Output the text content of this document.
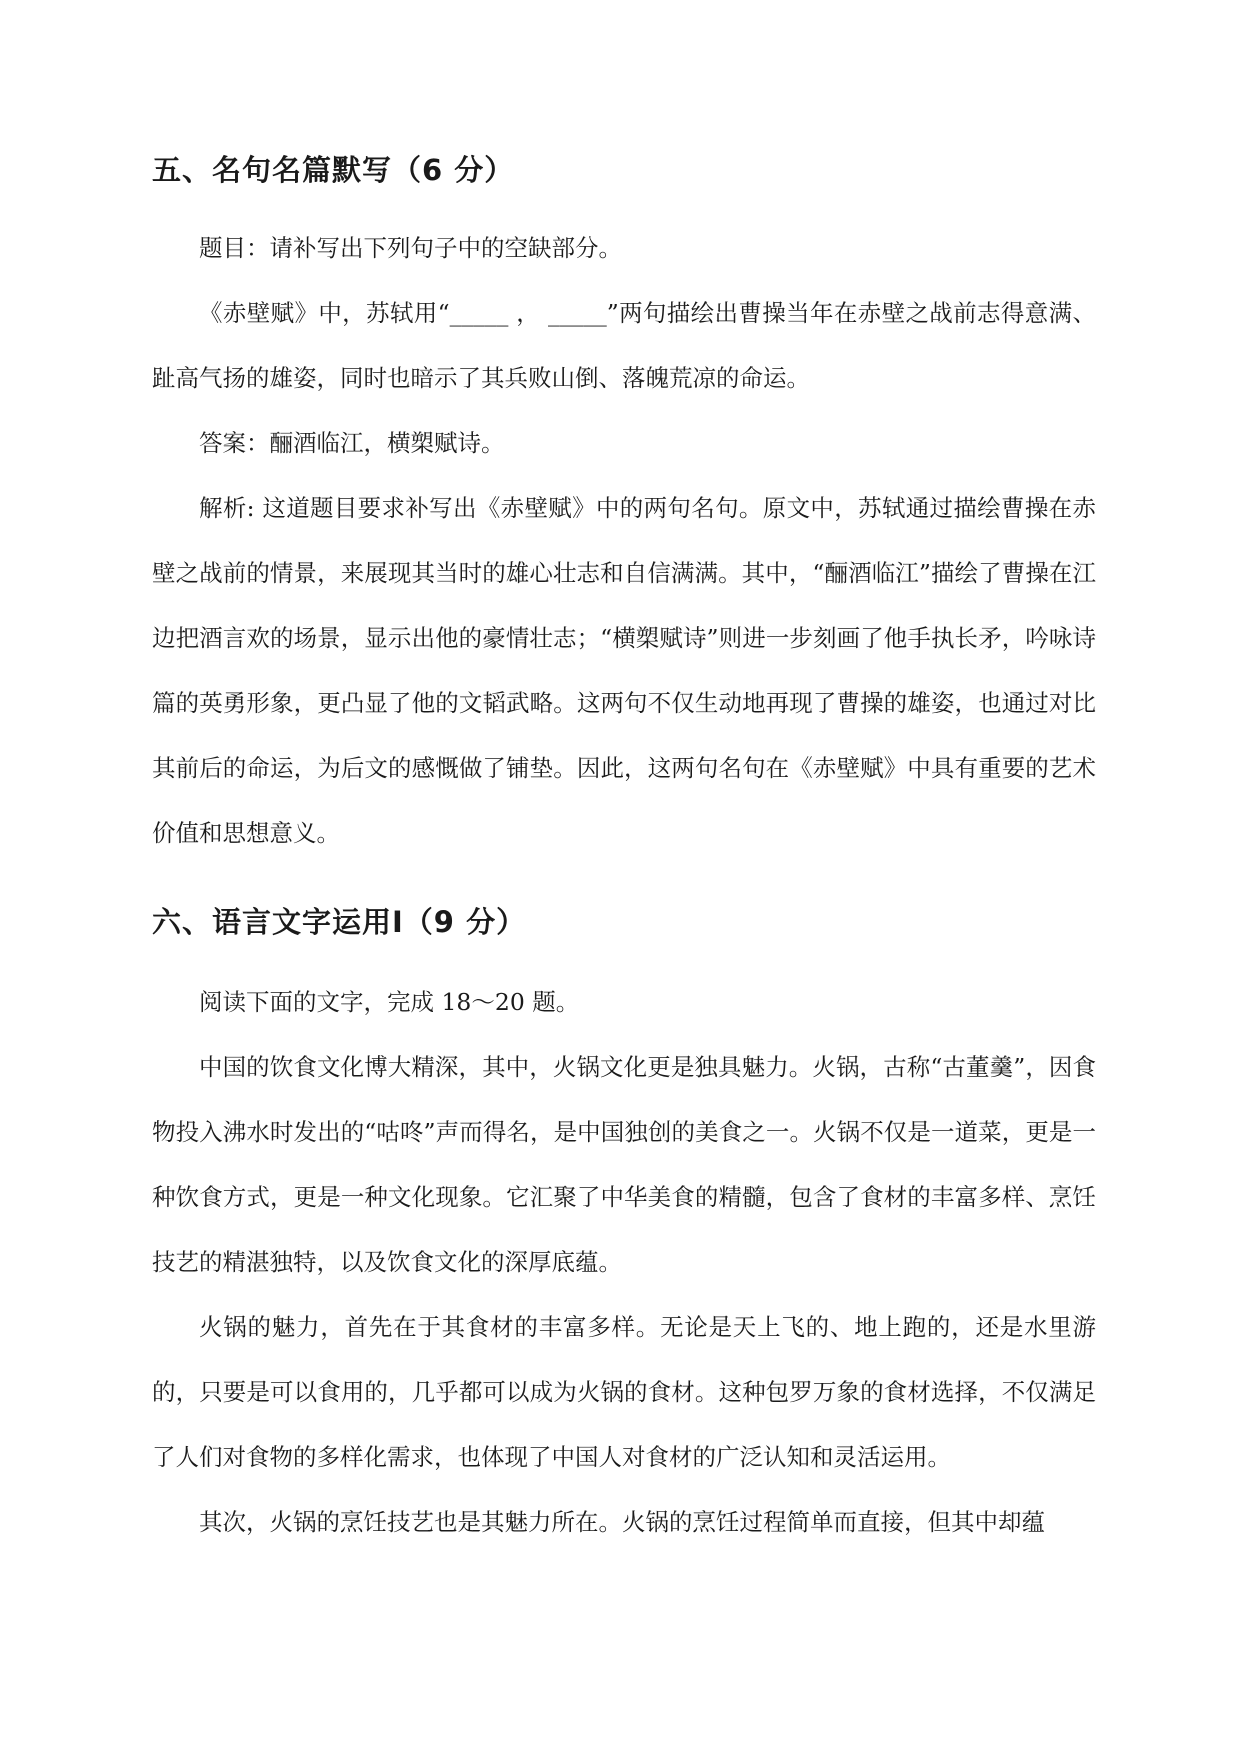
五、名句名篇默写（6 分）

题目：请补写出下列句子中的空缺部分。

《赤壁赋》中，苏轼用“_____ ， _____”两句描绘出曹操当年在赤壁之战前志得意满、趾高气扬的雄姿，同时也暗示了其兵败山倒、落魄荒凉的命运。

答案：酾酒临江，横槊赋诗。

解析: 这道题目要求补写出《赤壁赋》中的两句名句。原文中，苏轼通过描绘曹操在赤壁之战前的情景，来展现其当时的雄心壮志和自信满满。其中，“酾酒临江”描绘了曹操在江边把酒言欢的场景，显示出他的豪情壮志；“横槊赋诗”则进一步刻画了他手执长矛，吟咏诗篇的英勇形象，更凸显了他的文韬武略。这两句不仅生动地再现了曹操的雄姿，也通过对比其前后的命运，为后文的感慨做了铺垫。因此，这两句名句在《赤壁赋》中具有重要的艺术价值和思想意义。

六、语言文字运用Ⅰ（9 分）

阅读下面的文字，完成 18～20 题。

中国的饮食文化博大精深，其中，火锅文化更是独具魅力。火锅，古称“古董羹”，因食物投入沸水时发出的“咕咚”声而得名，是中国独创的美食之一。火锅不仅是一道菜，更是一种饮食方式，更是一种文化现象。它汇聚了中华美食的精髓，包含了食材的丰富多样、烹饪技艺的精湛独特，以及饮食文化的深厚底蕴。

火锅的魅力，首先在于其食材的丰富多样。无论是天上飞的、地上跑的，还是水里游的，只要是可以食用的，几乎都可以成为火锅的食材。这种包罗万象的食材选择，不仅满足了人们对食物的多样化需求，也体现了中国人对食材的广泛认知和灵活运用。

其次，火锅的烹饪技艺也是其魅力所在。火锅的烹饪过程简单而直接，但其中却蕴
